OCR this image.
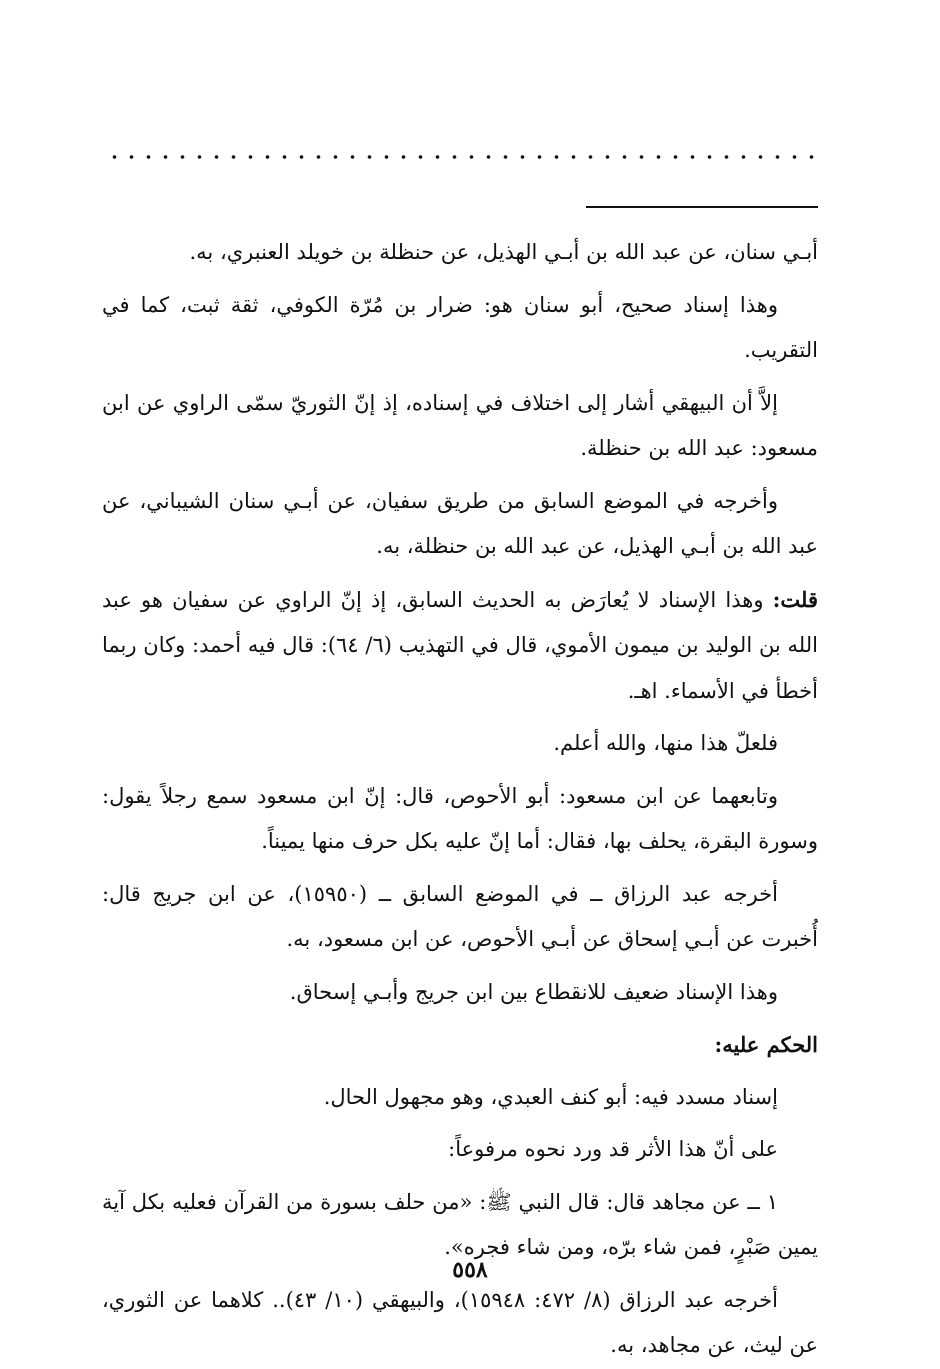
أبـي سنان، عن عبد الله بن أبـي الهذيل، عن حنظلة بن خويلد العنبري، به.

وهذا إسناد صحيح، أبو سنان هو: ضرار بن مُرّة الكوفي، ثقة ثبت، كما في التقريب.

إلاَّ أن البيهقي أشار إلى اختلاف في إسناده، إذ إنّ الثوريّ سمّى الراوي عن ابن مسعود: عبد الله بن حنظلة.

وأخرجه في الموضع السابق من طريق سفيان، عن أبـي سنان الشيباني، عن عبد الله بن أبـي الهذيل، عن عبد الله بن حنظلة، به.

قلت: وهذا الإسناد لا يُعارَض به الحديث السابق، إذ إنّ الراوي عن سفيان هو عبد الله بن الوليد بن ميمون الأموي، قال في التهذيب (٦/ ٦٤): قال فيه أحمد: وكان ربما أخطأ في الأسماء. اهـ.

فلعلّ هذا منها، والله أعلم.

وتابعهما عن ابن مسعود: أبو الأحوص، قال: إنّ ابن مسعود سمع رجلاً يقول: وسورة البقرة، يحلف بها، فقال: أما إنّ عليه بكل حرف منها يميناً.

أخرجه عبد الرزاق ــ في الموضع السابق ــ (١٥٩٥٠)، عن ابن جريج قال: أُخبرت عن أبـي إسحاق عن أبـي الأحوص، عن ابن مسعود، به.

وهذا الإسناد ضعيف للانقطاع بين ابن جريج وأبـي إسحاق.

الحكم عليه:

إسناد مسدد فيه: أبو كنف العبدي، وهو مجهول الحال.

على أنّ هذا الأثر قد ورد نحوه مرفوعاً:

١ ــ عن مجاهد قال: قال النبي ﷺ: «من حلف بسورة من القرآن فعليه بكل آية يمين صَبْرٍ، فمن شاء برّه، ومن شاء فجره».

أخرجه عبد الرزاق (٨/ ٤٧٢: ١٥٩٤٨)، والبيهقي (١٠/ ٤٣).. كلاهما عن الثوري، عن ليث، عن مجاهد، به.

٥٥٨
